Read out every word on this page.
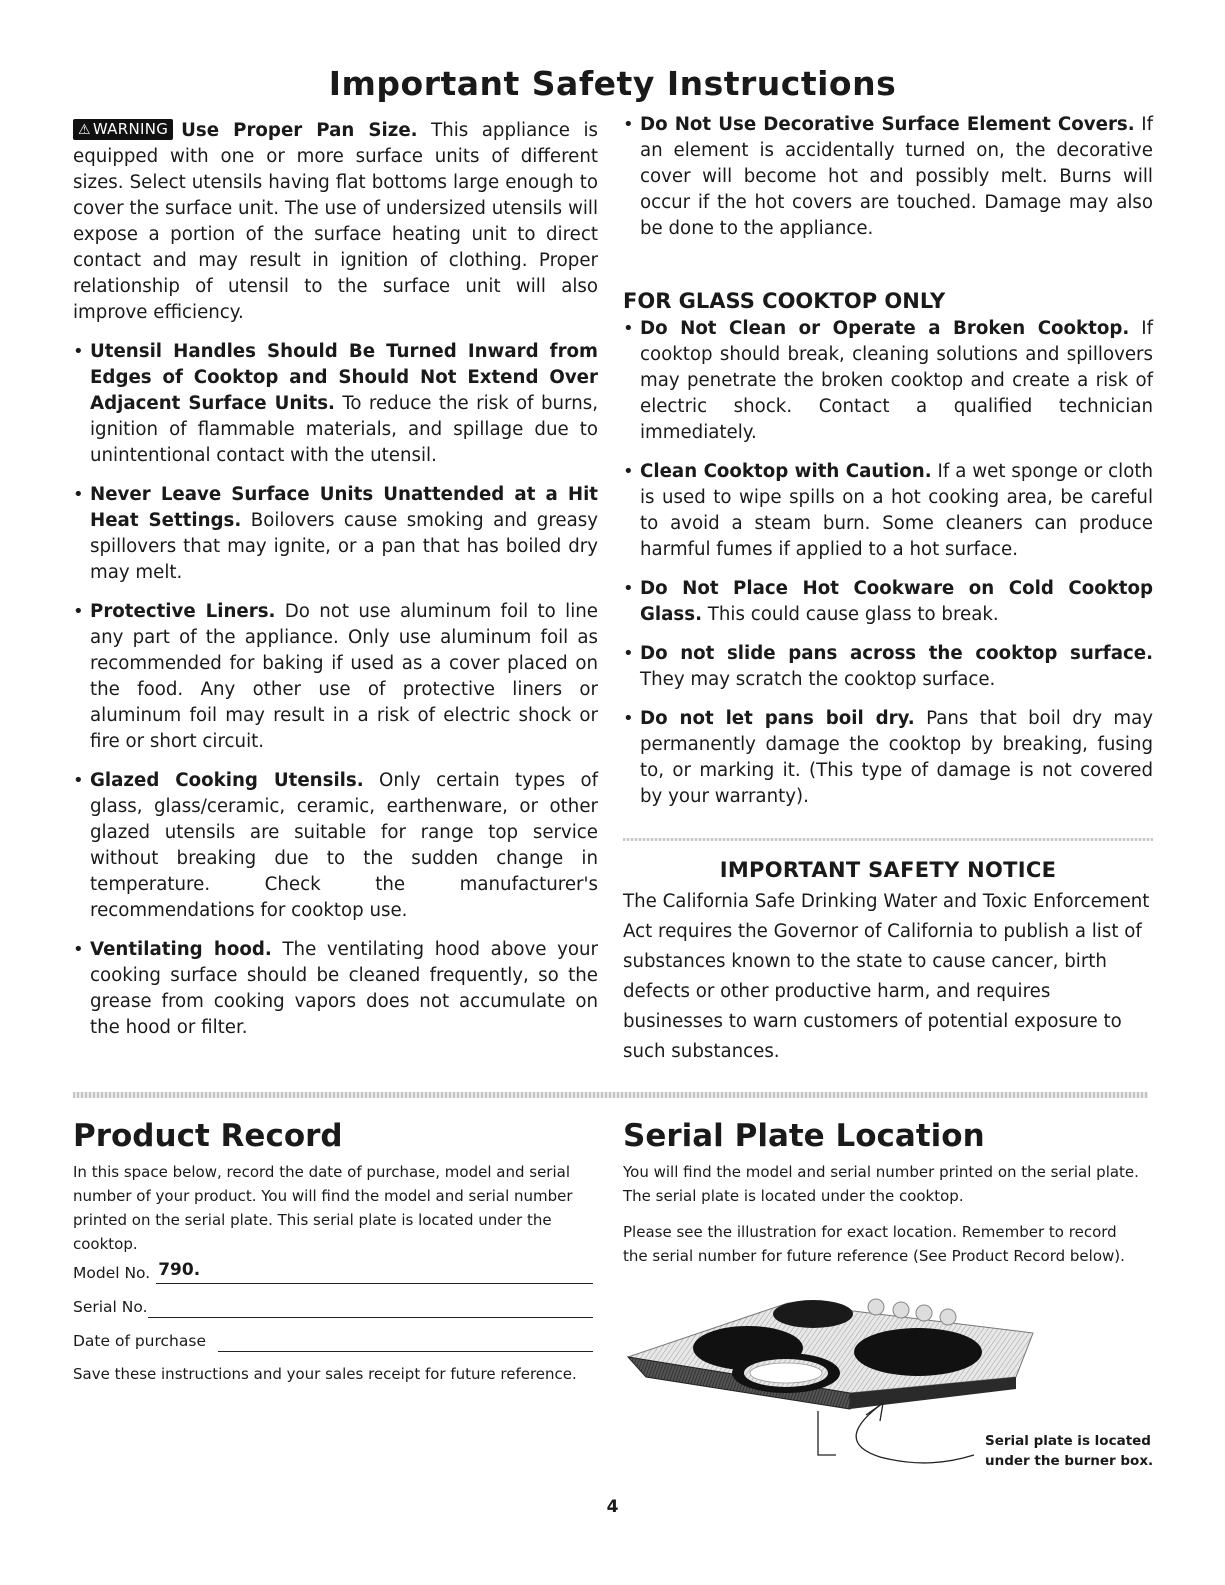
Important Safety Instructions

⚠ WARNING Use Proper Pan Size. This appliance is equipped with one or more surface units of different sizes. Select utensils having flat bottoms large enough to cover the surface unit. The use of undersized utensils will expose a portion of the surface heating unit to direct contact and may result in ignition of clothing. Proper relationship of utensil to the surface unit will also improve efficiency.

• Utensil Handles Should Be Turned Inward from Edges of Cooktop and Should Not Extend Over Adjacent Surface Units. To reduce the risk of burns, ignition of flammable materials, and spillage due to unintentional contact with the utensil.
• Never Leave Surface Units Unattended at a Hit Heat Settings. Boilovers cause smoking and greasy spillovers that may ignite, or a pan that has boiled dry may melt.
• Protective Liners. Do not use aluminum foil to line any part of the appliance. Only use aluminum foil as recommended for baking if used as a cover placed on the food. Any other use of protective liners or aluminum foil may result in a risk of electric shock or fire or short circuit.
• Glazed Cooking Utensils. Only certain types of glass, glass/ceramic, ceramic, earthenware, or other glazed utensils are suitable for range top service without breaking due to the sudden change in temperature. Check the manufacturer's recommendations for cooktop use.
• Ventilating hood. The ventilating hood above your cooking surface should be cleaned frequently, so the grease from cooking vapors does not accumulate on the hood or filter.
• Do Not Use Decorative Surface Element Covers. If an element is accidentally turned on, the decorative cover will become hot and possibly melt. Burns will occur if the hot covers are touched. Damage may also be done to the appliance.
FOR GLASS COOKTOP ONLY
• Do Not Clean or Operate a Broken Cooktop. If cooktop should break, cleaning solutions and spillovers may penetrate the broken cooktop and create a risk of electric shock. Contact a qualified technician immediately.
• Clean Cooktop with Caution. If a wet sponge or cloth is used to wipe spills on a hot cooking area, be careful to avoid a steam burn. Some cleaners can produce harmful fumes if applied to a hot surface.
• Do Not Place Hot Cookware on Cold Cooktop Glass. This could cause glass to break.
• Do not slide pans across the cooktop surface. They may scratch the cooktop surface.
• Do not let pans boil dry. Pans that boil dry may permanently damage the cooktop by breaking, fusing to, or marking it. (This type of damage is not covered by your warranty).
IMPORTANT SAFETY NOTICE

The California Safe Drinking Water and Toxic Enforcement Act requires the Governor of California to publish a list of substances known to the state to cause cancer, birth defects or other productive harm, and requires businesses to warn customers of potential exposure to such substances.

Product Record

In this space below, record the date of purchase, model and serial number of your product. You will find the model and serial number printed on the serial plate. This serial plate is located under the cooktop.

Model No. 790.
Serial No.
Date of purchase

Save these instructions and your sales receipt for future reference.

Serial Plate Location

You will find the model and serial number printed on the serial plate. The serial plate is located under the cooktop.

Please see the illustration for exact location. Remember to record the serial number for future reference (See Product Record below).

Serial plate is located
under the burner box.
4
